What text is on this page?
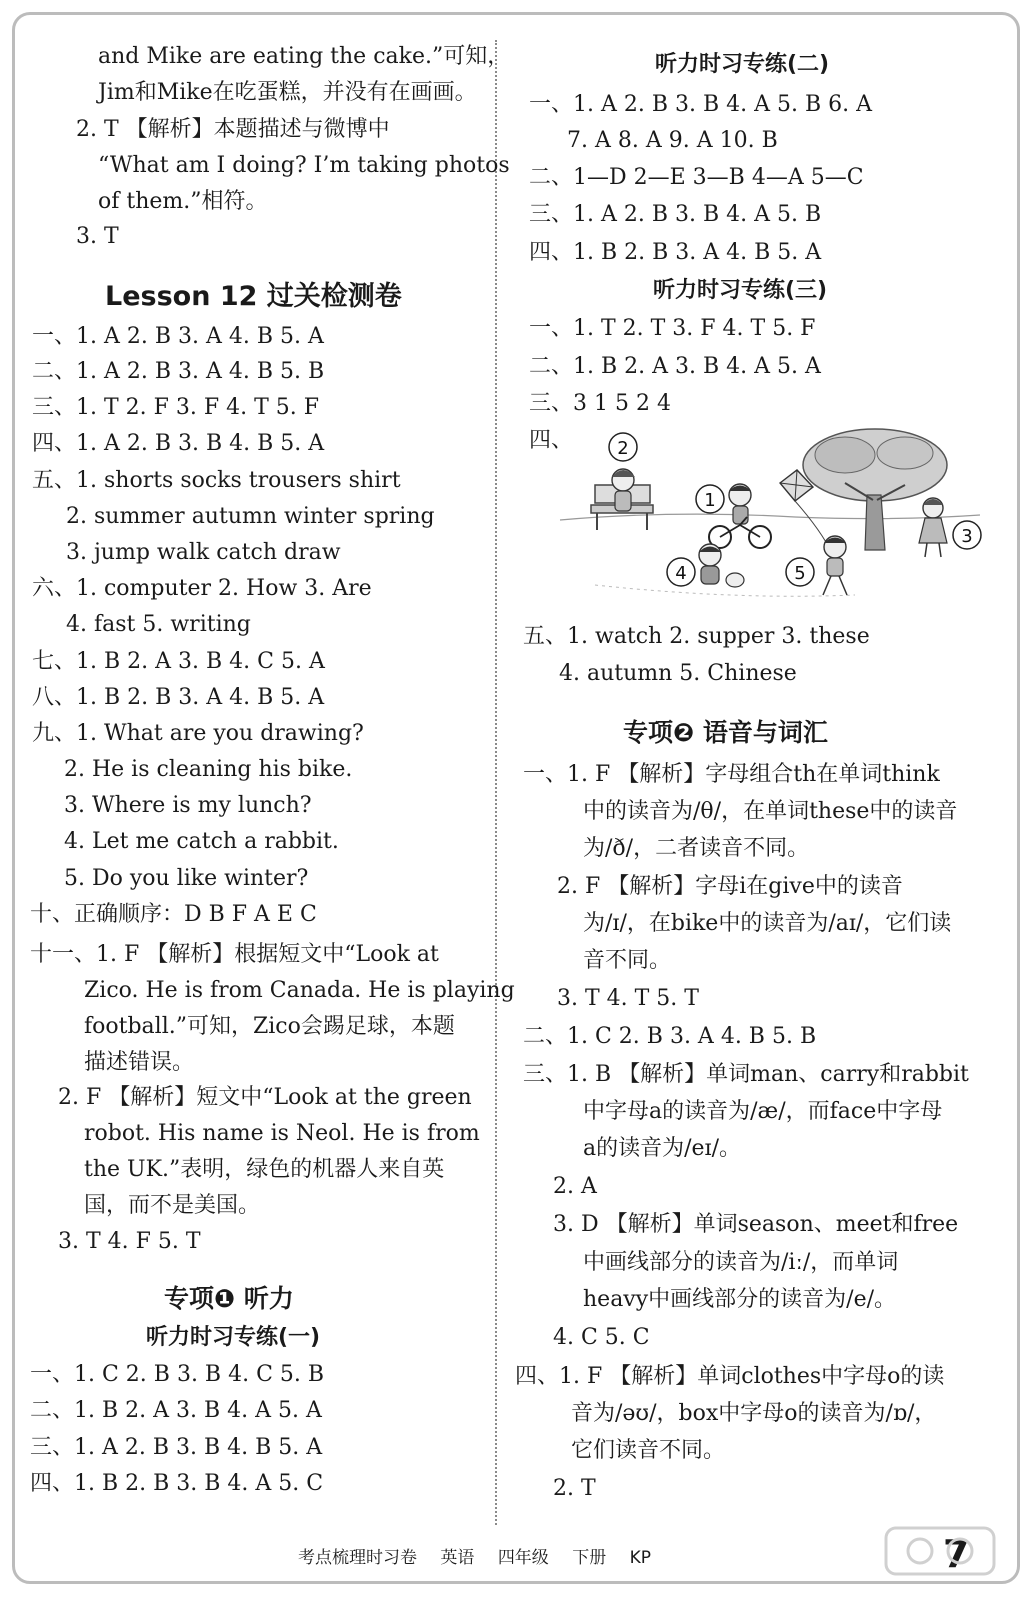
and Mike are eating the cake.”可知，
Jim和Mike在吃蛋糕，并没有在画画。
2. T 【解析】本题描述与微博中
“What am I doing? I’m taking photos
of them.”相符。
3. T
Lesson 12 过关检测卷
一、1. A 2. B 3. A 4. B 5. A
二、1. A 2. B 3. A 4. B 5. B
三、1. T 2. F 3. F 4. T 5. F
四、1. A 2. B 3. B 4. B 5. A
五、1. shorts socks trousers shirt
2. summer autumn winter spring
3. jump walk catch draw
六、1. computer 2. How 3. Are
4. fast 5. writing
七、1. B 2. A 3. B 4. C 5. A
八、1. B 2. B 3. A 4. B 5. A
九、1. What are you drawing?
2. He is cleaning his bike.
3. Where is my lunch?
4. Let me catch a rabbit.
5. Do you like winter?
十、正确顺序：D B F A E C
十一、1. F 【解析】根据短文中“Look at
Zico. He is from Canada. He is playing
football.”可知，Zico会踢足球，本题
描述错误。
2. F 【解析】短文中“Look at the green
robot. His name is Neol. He is from
the UK.”表明，绿色的机器人来自英
国，而不是美国。
3. T 4. F 5. T
专项❶ 听力
听力时习专练(一)
一、1. C 2. B 3. B 4. C 5. B
二、1. B 2. A 3. B 4. A 5. A
三、1. A 2. B 3. B 4. B 5. A
四、1. B 2. B 3. B 4. A 5. C
听力时习专练(二)
一、1. A 2. B 3. B 4. A 5. B 6. A
7. A 8. A 9. A 10. B
二、1—D 2—E 3—B 4—A 5—C
三、1. A 2. B 3. B 4. A 5. B
四、1. B 2. B 3. A 4. B 5. A
听力时习专练(三)
一、1. T 2. T 3. F 4. T 5. F
二、1. B 2. A 3. B 4. A 5. A
三、3 1 5 2 4
四、 2
1
3
4	5
五、1. watch 2. supper 3. these
4. autumn 5. Chinese
专项❷ 语音与词汇
一、1. F 【解析】字母组合th在单词think
中的读音为/θ/，在单词these中的读音
为/ð/，二者读音不同。
2. F 【解析】字母i在give中的读音
为/ɪ/，在bike中的读音为/aɪ/，它们读
音不同。
3. T 4. T 5. T
二、1. C 2. B 3. A 4. B 5. B
三、1. B 【解析】单词man、carry和rabbit
中字母a的读音为/æ/，而face中字母
a的读音为/eɪ/。
2. A
3. D 【解析】单词season、meet和free
中画线部分的读音为/iː/，而单词
heavy中画线部分的读音为/e/。
4. C 5. C
四、1. F 【解析】单词clothes中字母o的读
音为/əʊ/，box中字母o的读音为/ɒ/，
它们读音不同。
2. T
考点梳理时习卷 英语 四年级 下册 KP	7
